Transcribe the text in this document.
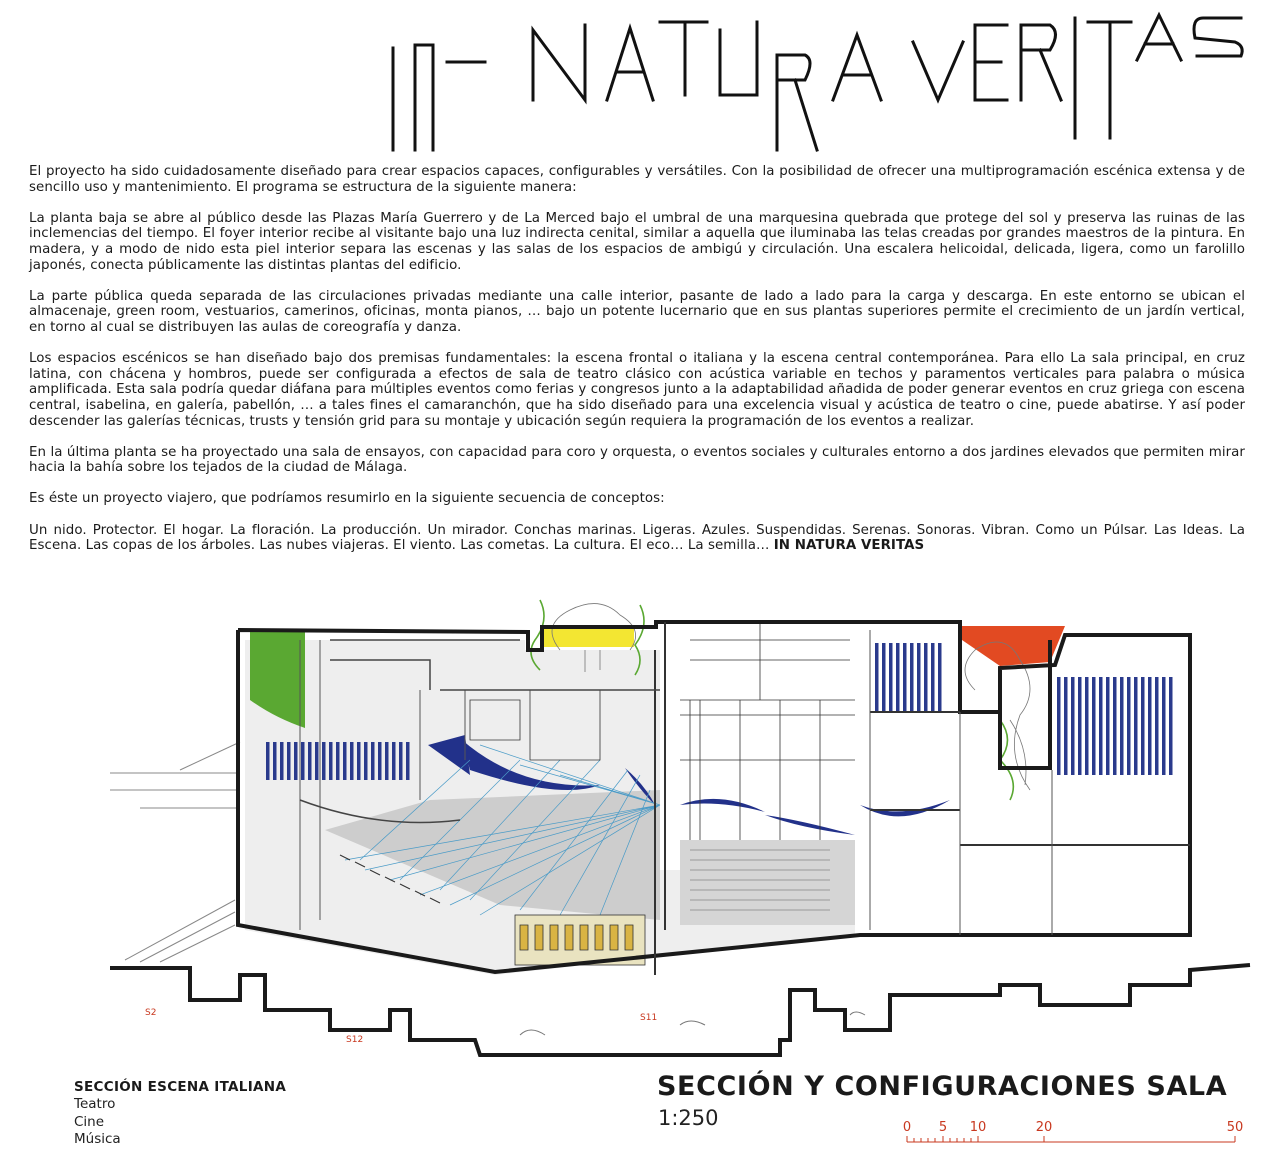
El proyecto ha sido cuidadosamente diseñado para crear espacios capaces, configurables y versátiles. Con la posibilidad de ofrecer una multiprogramación escénica extensa y de sencillo uso y mantenimiento. El programa se estructura de la siguiente manera:

La planta baja se abre al público desde las Plazas María Guerrero y de La Merced bajo el umbral de una marquesina quebrada que protege del sol y preserva las ruinas de las inclemencias del tiempo. El foyer interior recibe al visitante bajo una luz indirecta cenital, similar a aquella que iluminaba las telas creadas por grandes maestros de la pintura. En madera, y a modo de nido esta piel interior separa las escenas y las salas de los espacios de ambigú y circulación. Una escalera helicoidal, delicada, ligera, como un farolillo japonés, conecta públicamente las distintas plantas del edificio.

La parte pública queda separada de las circulaciones privadas mediante una calle interior, pasante de lado a lado para la carga y descarga. En este entorno se ubican el almacenaje, green room, vestuarios, camerinos, oficinas, monta pianos, … bajo un potente lucernario que en sus plantas superiores permite el crecimiento de un jardín vertical, en torno al cual se distribuyen las aulas de coreografía y danza.

Los espacios escénicos se han diseñado bajo dos premisas fundamentales: la escena frontal o italiana y la escena central contemporánea. Para ello La sala principal, en cruz latina, con chácena y hombros, puede ser configurada a efectos de sala de teatro clásico con acústica variable en techos y paramentos verticales para palabra o música amplificada. Esta sala podría quedar diáfana para múltiples eventos como ferias y congresos junto a la adaptabilidad añadida de poder generar eventos en cruz griega con escena central, isabelina, en galería, pabellón, … a tales fines el camaranchón, que ha sido diseñado para una excelencia visual y acústica de teatro o cine, puede abatirse. Y así poder descender las galerías técnicas, trusts y tensión grid para su montaje y ubicación según requiera la programación de los eventos a realizar.

En la última planta se ha proyectado una sala de ensayos, con capacidad para coro y orquesta, o eventos sociales y culturales entorno a dos jardines elevados que permiten mirar hacia la bahía sobre los tejados de la ciudad de Málaga.

Es éste un proyecto viajero, que podríamos resumirlo en la siguiente secuencia de conceptos:

Un nido. Protector. El hogar. La floración. La producción. Un mirador. Conchas marinas. Ligeras. Azules. Suspendidas. Serenas. Sonoras. Vibran. Como un Púlsar. Las Ideas. La Escena. Las copas de los árboles. Las nubes viajeras. El viento. Las cometas. La cultura. El eco… La semilla… IN NATURA VERITAS

S2
S12
S11
SECCIÓN ESCENA ITALIANA
Teatro
Cine
Música
SECCIÓN Y CONFIGURACIONES SALA
1:250	0 5 10	20	50
